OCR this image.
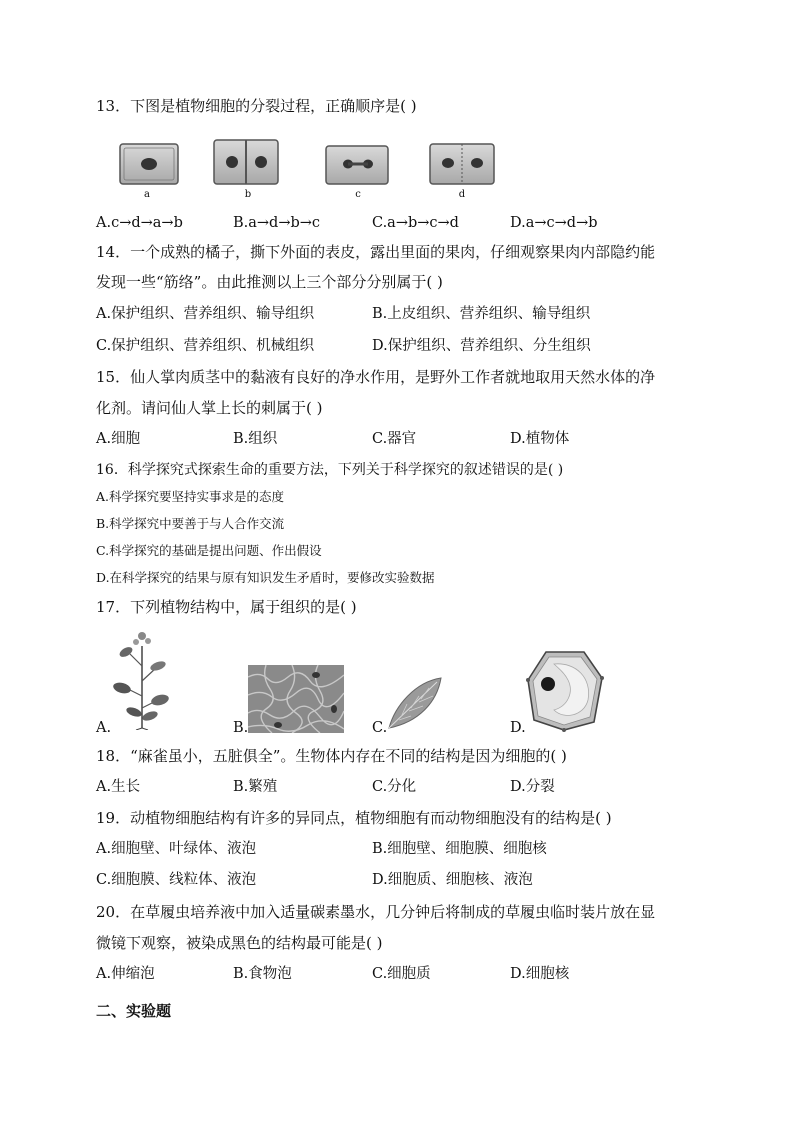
13．下图是植物细胞的分裂过程，正确顺序是( )
a	b	c	d
A.c→d→a→b	B.a→d→b→c	C.a→b→c→d	D.a→c→d→b
14．一个成熟的橘子，撕下外面的表皮，露出里面的果肉，仔细观察果肉内部隐约能
发现一些“筋络”。由此推测以上三个部分分别属于( )
A.保护组织、营养组织、输导组织	B.上皮组织、营养组织、输导组织
C.保护组织、营养组织、机械组织	D.保护组织、营养组织、分生组织
15．仙人掌肉质茎中的黏液有良好的净水作用，是野外工作者就地取用天然水体的净
化剂。请问仙人掌上长的刺属于( )
A.细胞	B.组织	C.器官	D.植物体
16．科学探究式探索生命的重要方法，下列关于科学探究的叙述错误的是( )
A.科学探究要坚持实事求是的态度
B.科学探究中要善于与人合作交流
C.科学探究的基础是提出问题、作出假设
D.在科学探究的结果与原有知识发生矛盾时，要修改实验数据
17．下列植物结构中，属于组织的是( )
A.	B.	C.	D.
18．“麻雀虽小，五脏俱全”。生物体内存在不同的结构是因为细胞的( )
A.生长	B.繁殖	C.分化	D.分裂
19．动植物细胞结构有许多的异同点，植物细胞有而动物细胞没有的结构是( )
A.细胞壁、叶绿体、液泡	B.细胞壁、细胞膜、细胞核
C.细胞膜、线粒体、液泡	D.细胞质、细胞核、液泡
20．在草履虫培养液中加入适量碳素墨水，几分钟后将制成的草履虫临时装片放在显
微镜下观察，被染成黑色的结构最可能是( )
A.伸缩泡	B.食物泡	C.细胞质	D.细胞核
二、实验题
